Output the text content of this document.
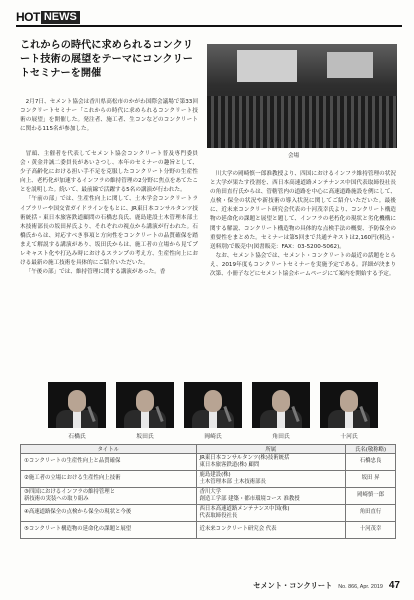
HOT NEWS
これからの時代に求められるコンクリート技術の展望をテーマにコンクリートセミナーを開催

2月7日、セメント協会は香川県高松市のかがわ国際会議場で第33回コンクリートセミナー「これからの時代に求められるコンクリート技術の展望」を開催した。発注者、施工者、生コンなどのコンクリートに関わる115名が参加した。

冒頭、主催者を代表してセメント協会コンクリート普及専門委員会・黄金井誠二委員長があいさつし、本年のセミナーの趣旨として、少子高齢化における担い手不足を克服したコンクリート分野の生産性向上、老朽化が加速するインフラの維持管理の2分野に焦点をあてたことを説明した。続いて、最前線で活躍する5名の講演が行われた。

「午前の部」では、生産性向上に関して、土木学会コンクリートライブラリーや国交省ガイドラインをもとに、JR東日本コンサルタンツ技術統括・東日本旅客鉄道顧問の石橋忠良氏、鹿島建設土木管理本部土木技術部長の坂田昇氏より、それぞれの視点から講演が行われた。石橋氏からは、対応すべき事項と方向性をコンクリートの品質確保を踏まえて解説する講演があり、坂田氏からは、施工者の立場から見てプレキャスト化や打込み時におけるスランプの考え方、生産性向上における最新の施工技術を具体的にご紹介いただいた。

「午後の部」では、維持管理に関する講演があった。香

会場

川大学の岡崎慎一郎准教授より、四国におけるインフラ維持管理の状況と大学が果たす役割を、西日本高速道路メンテナンス中国代表取締役社長の角田直行氏からは、管轄管内の道路を中心に高速道路施設を例にして、点検・保全の状況や新技術の導入状況に関してご紹介いただいた。最後に、近未来コンクリート研究会代表の十河茂幸氏より、コンクリート構造物の延命化の課題と展望と題して、インフラの老朽化の現状と劣化機構に関する解説、コンクリート構造物の具体的な点検手法の概要、予防保全の重要性をまとめた。セミナーは第5回まで共通テキストは2,160円(税込・送料別)で販売中(図書販売：FAX：03-5200-5062)。

なお、セメント協会では、セメント・コンクリートの最近の話題をとらえ、2019年度もコンクリートセミナーを実施予定である。詳細が決まり次第、小冊子などにセメント協会ホームページにて案内を開始する予定。

石橋氏	坂田氏	岡崎氏	角田氏	十河氏
タイトル	所属	氏名(敬称略)
①コンクリートの生産性向上と品質確保	JR東日本コンサルタンツ(株)技術統括
東日本旅客鉄道(株) 顧問	石橋忠良
②施工者の立場における生産性向上技術	鹿島建設(株)
土木管理本部 土木技術部長	坂田 昇
③四国におけるインフラの維持管理と
新技術の実装への取り組み	香川大学
創造工学部 建築・都市環境コース 准教授	岡崎慎一郎
④高速道路保全の点検から保全の現状と今後	西日本高速道路メンテナンス中国(株)
代表取締役社長	角田直行
⑤コンクリート構造物の延命化の課題と展望	近未来コンクリート研究会 代表	十河茂幸
セメント・コンクリート No. 866, Apr. 2019 47
